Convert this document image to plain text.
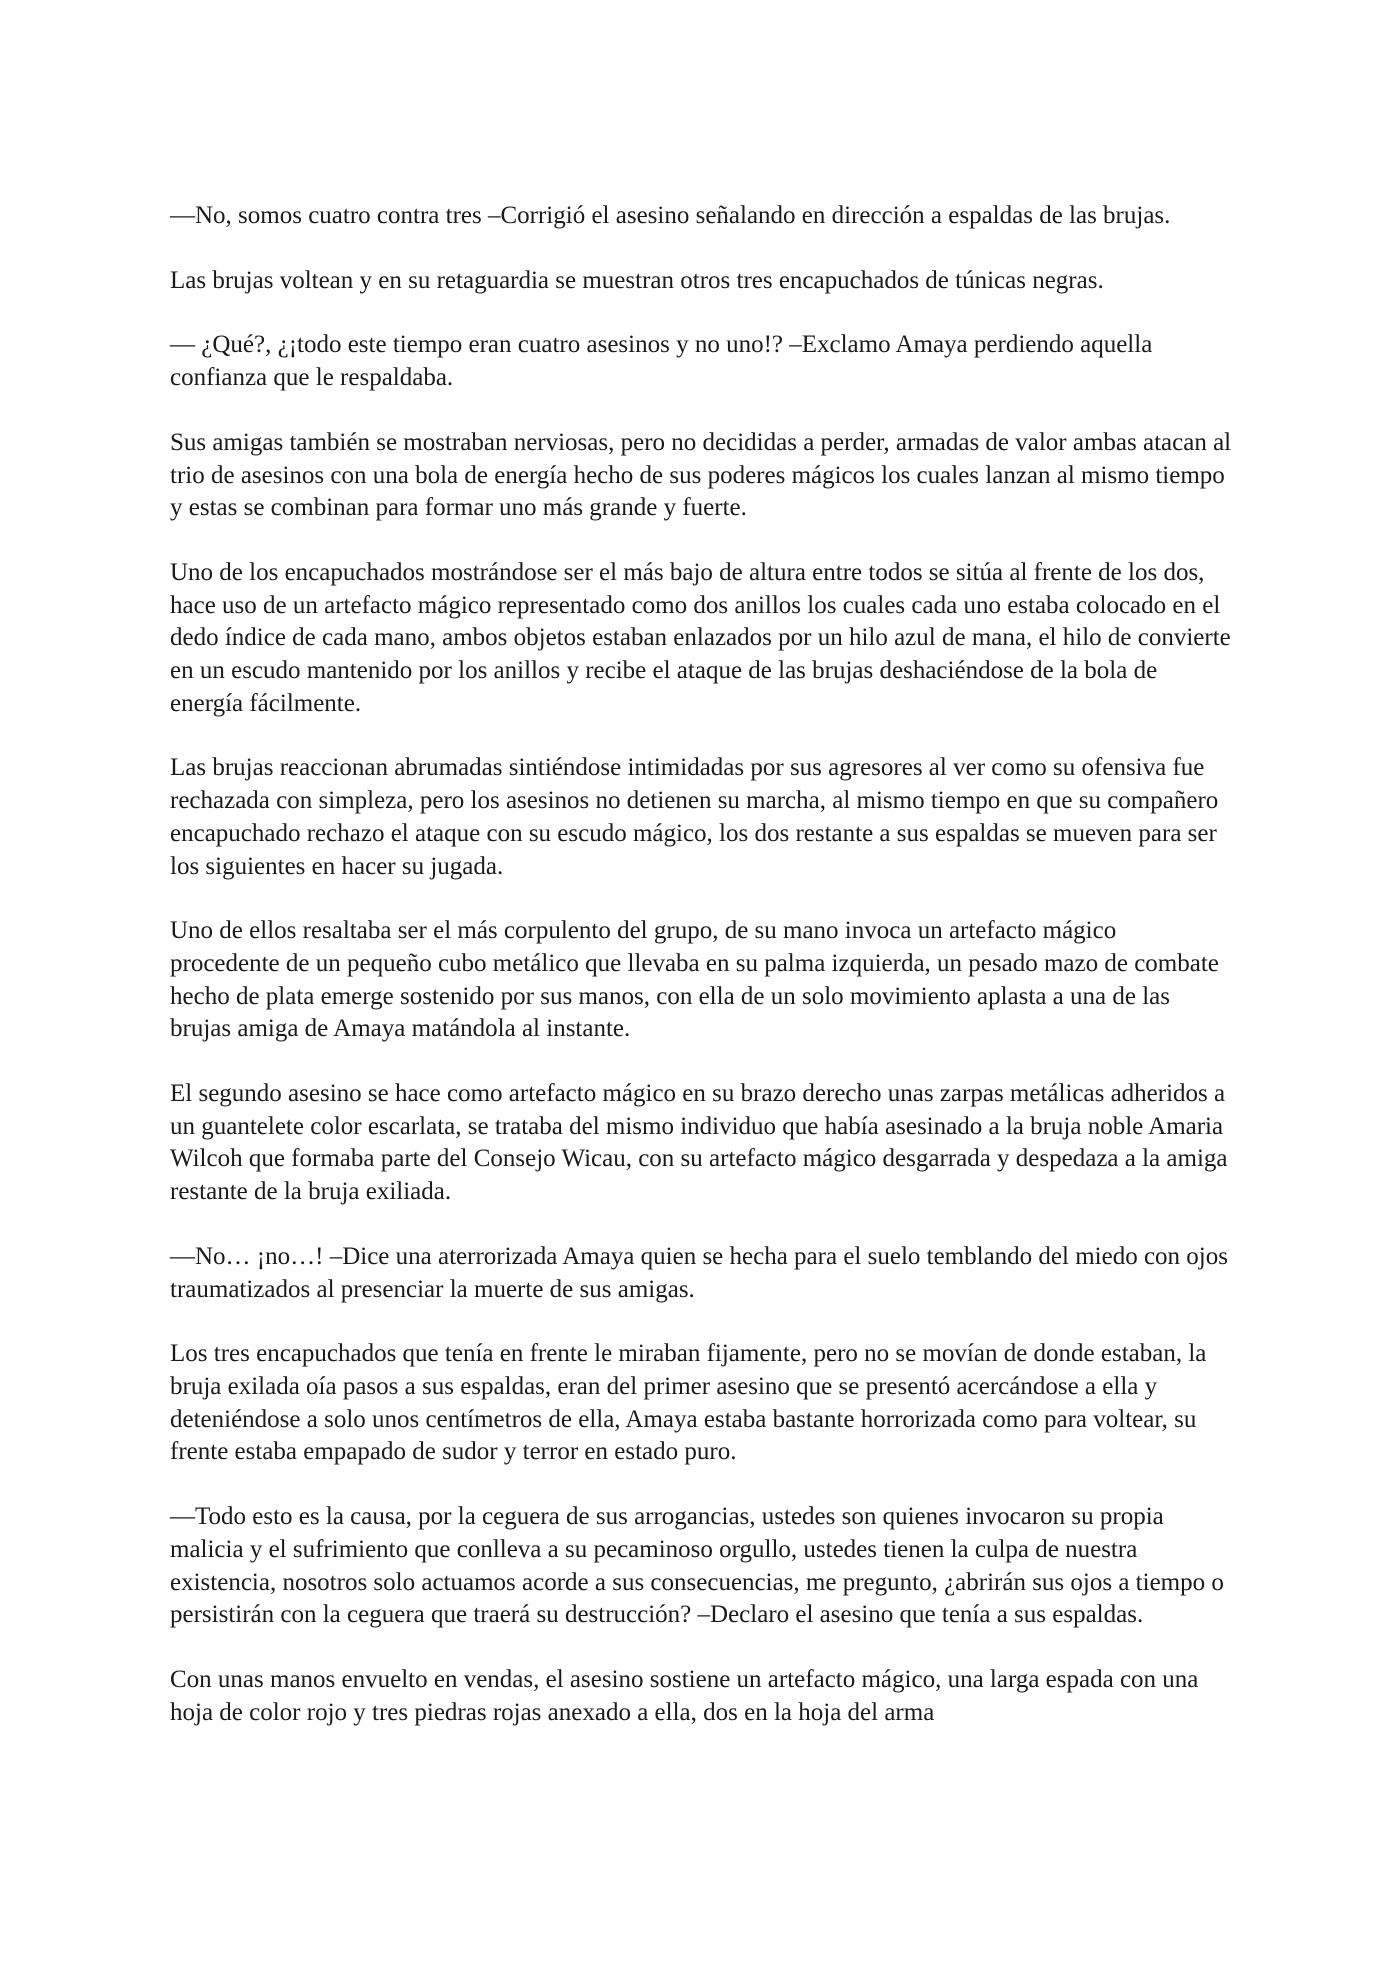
—No, somos cuatro contra tres –Corrigió el asesino señalando en dirección a espaldas de las brujas.

Las brujas voltean y en su retaguardia se muestran otros tres encapuchados de túnicas negras.

— ¿Qué?, ¿¡todo este tiempo eran cuatro asesinos y no uno!? –Exclamo Amaya perdiendo aquella confianza que le respaldaba.

Sus amigas también se mostraban nerviosas, pero no decididas a perder, armadas de valor ambas atacan al trio de asesinos con una bola de energía hecho de sus poderes mágicos los cuales lanzan al mismo tiempo y estas se combinan para formar uno más grande y fuerte.

Uno de los encapuchados mostrándose ser el más bajo de altura entre todos se sitúa al frente de los dos, hace uso de un artefacto mágico representado como dos anillos los cuales cada uno estaba colocado en el dedo índice de cada mano, ambos objetos estaban enlazados por un hilo azul de mana, el hilo de convierte en un escudo mantenido por los anillos y recibe el ataque de las brujas deshaciéndose de la bola de energía fácilmente.

Las brujas reaccionan abrumadas sintiéndose intimidadas por sus agresores al ver como su ofensiva fue rechazada con simpleza, pero los asesinos no detienen su marcha, al mismo tiempo en que su compañero encapuchado rechazo el ataque con su escudo mágico, los dos restante a sus espaldas se mueven para ser los siguientes en hacer su jugada.

Uno de ellos resaltaba ser el más corpulento del grupo, de su mano invoca un artefacto mágico procedente de un pequeño cubo metálico que llevaba en su palma izquierda, un pesado mazo de combate hecho de plata emerge sostenido por sus manos, con ella de un solo movimiento aplasta a una de las brujas amiga de Amaya matándola al instante.

El segundo asesino se hace como artefacto mágico en su brazo derecho unas zarpas metálicas adheridos a un guantelete color escarlata, se trataba del mismo individuo que había asesinado a la bruja noble Amaria Wilcoh que formaba parte del Consejo Wicau, con su artefacto mágico desgarrada y despedaza a la amiga restante de la bruja exiliada.

—No… ¡no…! –Dice una aterrorizada Amaya quien se hecha para el suelo temblando del miedo con ojos traumatizados al presenciar la muerte de sus amigas.

Los tres encapuchados que tenía en frente le miraban fijamente, pero no se movían de donde estaban, la bruja exilada oía pasos a sus espaldas, eran del primer asesino que se presentó acercándose a ella y deteniéndose a solo unos centímetros de ella, Amaya estaba bastante horrorizada como para voltear, su frente estaba empapado de sudor y terror en estado puro.

—Todo esto es la causa, por la ceguera de sus arrogancias, ustedes son quienes invocaron su propia malicia y el sufrimiento que conlleva a su pecaminoso orgullo, ustedes tienen la culpa de nuestra existencia, nosotros solo actuamos acorde a sus consecuencias, me pregunto, ¿abrirán sus ojos a tiempo o persistirán con la ceguera que traerá su destrucción? –Declaro el asesino que tenía a sus espaldas.

Con unas manos envuelto en vendas, el asesino sostiene un artefacto mágico, una larga espada con una hoja de color rojo y tres piedras rojas anexado a ella, dos en la hoja del arma
